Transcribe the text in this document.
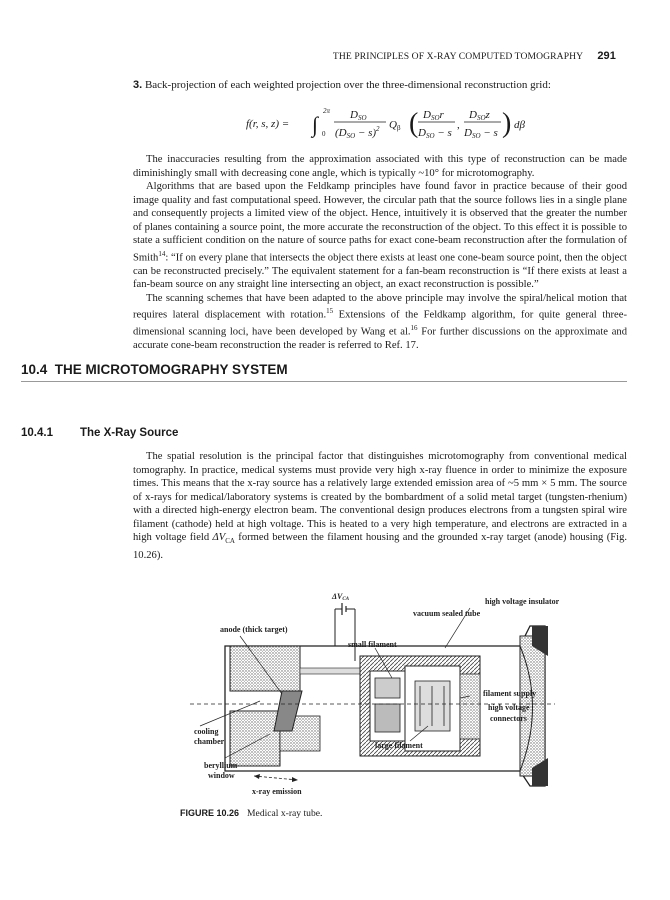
THE PRINCIPLES OF X-RAY COMPUTED TOMOGRAPHY 291
3. Back-projection of each weighted projection over the three-dimensional reconstruction grid:
f(r, s, z) = ∫
2π
0
DSO
(DSO − s)$^2$ Qβ ( DSOr
DSO − s
,
DSOz
DSO − s ) dβ

The inaccuracies resulting from the approximation associated with this type of reconstruction can be made diminishingly small with decreasing cone angle, which is typically ~10° for microtomography.

Algorithms that are based upon the Feldkamp principles have found favor in practice because of their good image quality and fast computational speed. However, the circular path that the source follows lies in a single plane and consequently projects a limited view of the object. Hence, intuitively it is observed that the greater the number of planes containing a source point, the more accurate the reconstruction of the object. To this effect it is possible to state a sufficient condition on the nature of source paths for exact cone-beam reconstruction after the formulation of Smith$^{14}$: “If on every plane that intersects the object there exists at least one cone-beam source point, then the object can be reconstructed precisely.” The equivalent statement for a fan-beam reconstruction is “If there exists at least a fan-beam source on any straight line intersecting an object, an exact reconstruction is possible.”

The scanning schemes that have been adapted to the above principle may involve the spiral/helical motion that requires lateral displacement with rotation.$^{15}$ Extensions of the Feldkamp algorithm, for quite general three-dimensional scanning loci, have been developed by Wang et al.$^{16}$ For further discussions on the approximate and accurate cone-beam reconstruction the reader is referred to Ref. 17.

10.4 THE MICROTOMOGRAPHY SYSTEM
10.4.1 The X-Ray Source

The spatial resolution is the principal factor that distinguishes microtomography from conventional medical tomography. In practice, medical systems must provide very high x-ray fluence in order to minimize the exposure times. This means that the x-ray source has a relatively large extended emission area of ~5 mm × 5 mm. The source of x-rays for medical/laboratory systems is created by the bombardment of a solid metal target (tungsten-rhenium) with a directed high-energy electron beam. The conventional design produces electrons from a tungsten spiral wire filament (cathode) held at high voltage. This is heated to a very high temperature, and electrons are extracted in a high voltage field $\Delta V_{CA}$ formed between the filament housing and the grounded x-ray target (anode) housing (Fig. 10.26).

ΔVCA	high voltage insulator
vacuum sealed tube
anode (thick target)
small filament
filament supply
high voltage
connectors
cooling
chamber	large filament
beryllium
window
x-ray emission
FIGURE 10.26 Medical x-ray tube.
